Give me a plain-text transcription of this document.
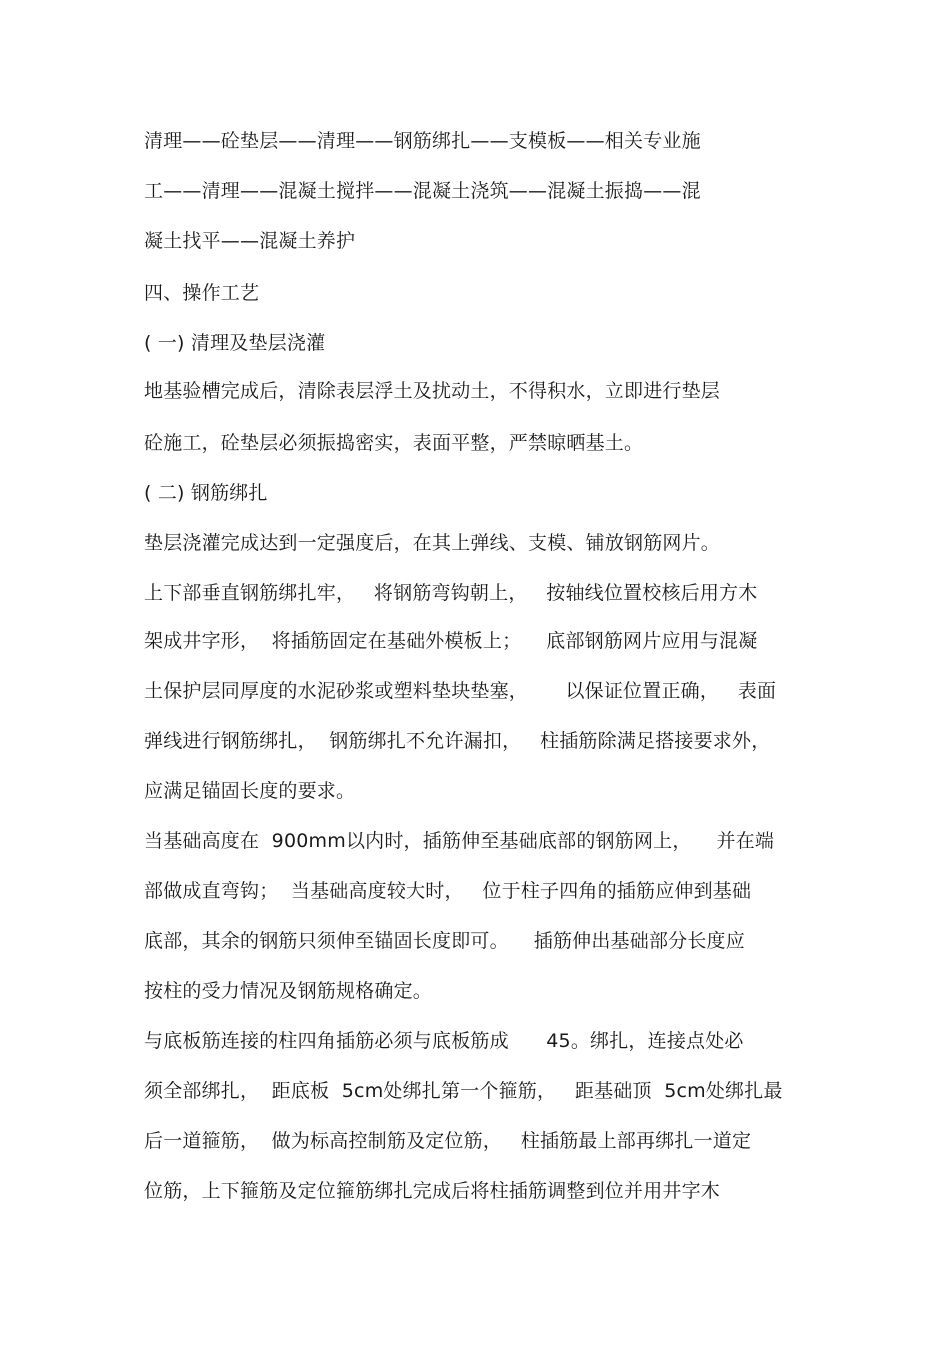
清理——砼垫层——清理——钢筋绑扎——支模板——相关专业施
工——清理——混凝土搅拌——混凝土浇筑——混凝土振捣——混
凝土找平——混凝土养护
四、操作工艺
( 一) 清理及垫层浇灌
地基验槽完成后，清除表层浮土及扰动土，不得积水，立即进行垫层
砼施工，砼垫层必须振捣密实，表面平整，严禁晾晒基土。
( 二) 钢筋绑扎
垫层浇灌完成达到一定强度后，在其上弹线、支模、铺放钢筋网片。
上下部垂直钢筋绑扎牢，   将钢筋弯钩朝上，   按轴线位置校核后用方木
架成井字形，  将插筋固定在基础外模板上；    底部钢筋网片应用与混凝
土保护层同厚度的水泥砂浆或塑料垫块垫塞，      以保证位置正确，   表面
弹线进行钢筋绑扎，  钢筋绑扎不允许漏扣，   柱插筋除满足搭接要求外，
应满足锚固长度的要求。
当基础高度在  900mm以内时，插筋伸至基础底部的钢筋网上，    并在端
部做成直弯钩；  当基础高度较大时，   位于柱子四角的插筋应伸到基础
底部，其余的钢筋只须伸至锚固长度即可。    插筋伸出基础部分长度应
按柱的受力情况及钢筋规格确定。
与底板筋连接的柱四角插筋必须与底板筋成      45。绑扎，连接点处必
须全部绑扎，  距底板  5cm处绑扎第一个箍筋，   距基础顶  5cm处绑扎最
后一道箍筋，  做为标高控制筋及定位筋，   柱插筋最上部再绑扎一道定
位筋，上下箍筋及定位箍筋绑扎完成后将柱插筋调整到位并用井字木
